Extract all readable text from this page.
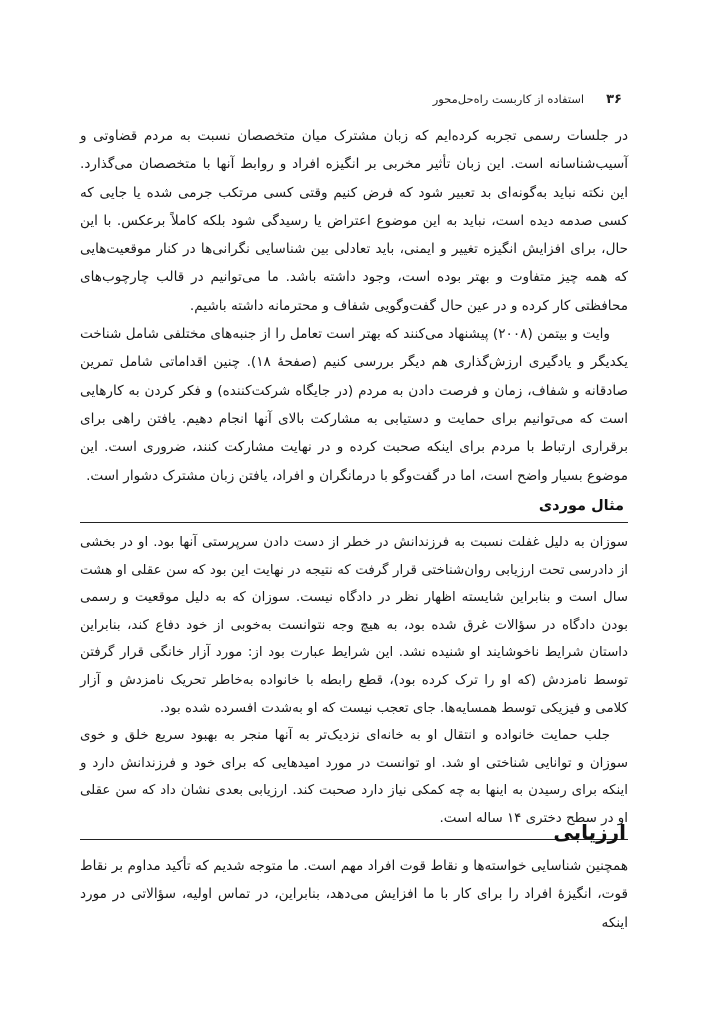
۳۶
استفاده از کاربست راه‌حل‌محور

در جلسات رسمی تجربه کرده‌ایم که زبان مشترک میان متخصصان نسبت به مردم قضاوتی و آسیب‌شناسانه است. این زبان تأثیر مخربی بر انگیزه افراد و روابط آنها با متخصصان می‌گذارد. این نکته نباید به‌گونه‌ای بد تعبیر شود که فرض کنیم وقتی کسی مرتکب جرمی شده یا جایی که کسی صدمه دیده است، نباید به این موضوع اعتراض یا رسیدگی شود بلکه کاملاً برعکس. با این حال، برای افزایش انگیزه تغییر و ایمنی، باید تعادلی بین شناسایی نگرانی‌ها در کنار موقعیت‌هایی که همه چیز متفاوت و بهتر بوده است، وجود داشته باشد. ما می‌توانیم در قالب چارچوب‌های محافظتی کار کرده و در عین حال گفت‌وگویی شفاف و محترمانه داشته باشیم.

وایت و بیتمن (۲۰۰۸) پیشنهاد می‌کنند که بهتر است تعامل را از جنبه‌های مختلفی شامل شناخت یکدیگر و یادگیری ارزش‌گذاری هم دیگر بررسی کنیم (صفحهٔ ۱۸). چنین اقداماتی شامل تمرین صادقانه و شفاف، زمان و فرصت دادن به مردم (در جایگاه شرکت‌کننده) و فکر کردن به کارهایی است که می‌توانیم برای حمایت و دستیابی به مشارکت بالای آنها انجام دهیم. یافتن راهی برای برقراری ارتباط با مردم برای اینکه صحبت کرده و در نهایت مشارکت کنند، ضروری است. این موضوع بسیار واضح است، اما در گفت‌وگو با درمانگران و افراد، یافتن زبان مشترک دشوار است.

مثال موردی

سوزان به دلیل غفلت نسبت به فرزندانش در خطر از دست دادن سرپرستی آنها بود. او در بخشی از دادرسی تحت ارزیابی روان‌شناختی قرار گرفت که نتیجه در نهایت این بود که سن عقلی او هشت سال است و بنابراین شایسته اظهار نظر در دادگاه نیست. سوزان که به دلیل موقعیت و رسمی بودن دادگاه در سؤالات غرق شده بود، به هیچ وجه نتوانست به‌خوبی از خود دفاع کند، بنابراین داستان شرایط ناخوشایند او شنیده نشد. این شرایط عبارت بود از: مورد آزار خانگی قرار گرفتن توسط نامزدش (که او را ترک کرده بود)، قطع رابطه با خانواده به‌خاطر تحریک نامزدش و آزار کلامی و فیزیکی توسط همسایه‌ها. جای تعجب نیست که او به‌شدت افسرده شده بود.

جلب حمایت خانواده و انتقال او به خانه‌ای نزدیک‌تر به آنها منجر به بهبود سریع خلق و خوی سوزان و توانایی شناختی او شد. او توانست در مورد امیدهایی که برای خود و فرزندانش دارد و اینکه برای رسیدن به اینها به چه کمکی نیاز دارد صحبت کند. ارزیابی بعدی نشان داد که سن عقلی او در سطح دختری ۱۴ ساله است.

ارزیابی

همچنین شناسایی خواسته‌ها و نقاط قوت افراد مهم است. ما متوجه شدیم که تأکید مداوم بر نقاط قوت، انگیزهٔ افراد را برای کار با ما افزایش می‌دهد، بنابراین، در تماس اولیه، سؤالاتی در مورد اینکه
